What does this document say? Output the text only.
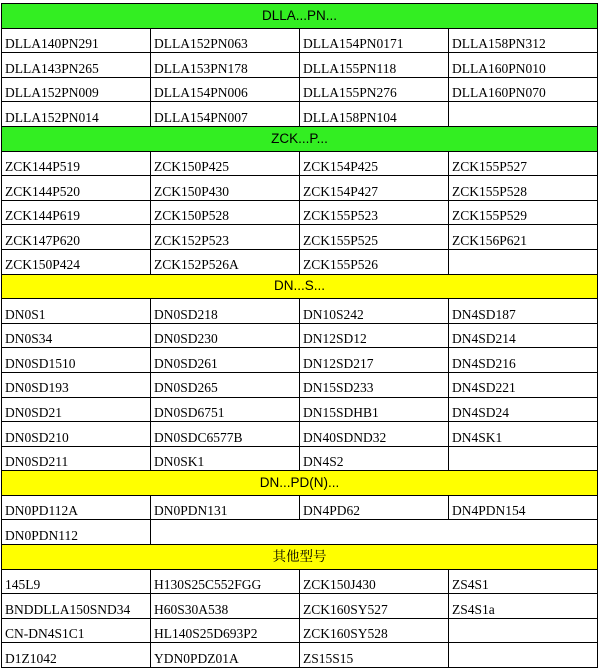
DLLA...PN...			
DLLA140PN291	DLLA152PN063	DLLA154PN0171	DLLA158PN312
DLLA143PN265	DLLA153PN178	DLLA155PN118	DLLA160PN010
DLLA152PN009	DLLA154PN006	DLLA155PN276	DLLA160PN070
DLLA152PN014	DLLA154PN007	DLLA158PN104	
ZCK...P...			
ZCK144P519	ZCK150P425	ZCK154P425	ZCK155P527
ZCK144P520	ZCK150P430	ZCK154P427	ZCK155P528
ZCK144P619	ZCK150P528	ZCK155P523	ZCK155P529
ZCK147P620	ZCK152P523	ZCK155P525	ZCK156P621
ZCK150P424	ZCK152P526A	ZCK155P526	
DN...S...			
DN0S1	DN0SD218	DN10S242	DN4SD187
DN0S34	DN0SD230	DN12SD12	DN4SD214
DN0SD1510	DN0SD261	DN12SD217	DN4SD216
DN0SD193	DN0SD265	DN15SD233	DN4SD221
DN0SD21	DN0SD6751	DN15SDHB1	DN4SD24
DN0SD210	DN0SDC6577B	DN40SDND32	DN4SK1
DN0SD211	DN0SK1	DN4S2	
DN...PD(N)...			
DN0PD112A	DN0PDN131	DN4PD62	DN4PDN154
DN0PDN112			
其他型号			
145L9	H130S25C552FGG	ZCK150J430	ZS4S1
BNDDLLA150SND34	H60S30A538	ZCK160SY527	ZS4S1a
CN-DN4S1C1	HL140S25D693P2	ZCK160SY528	
D1Z1042	YDN0PDZ01A	ZS15S15	
